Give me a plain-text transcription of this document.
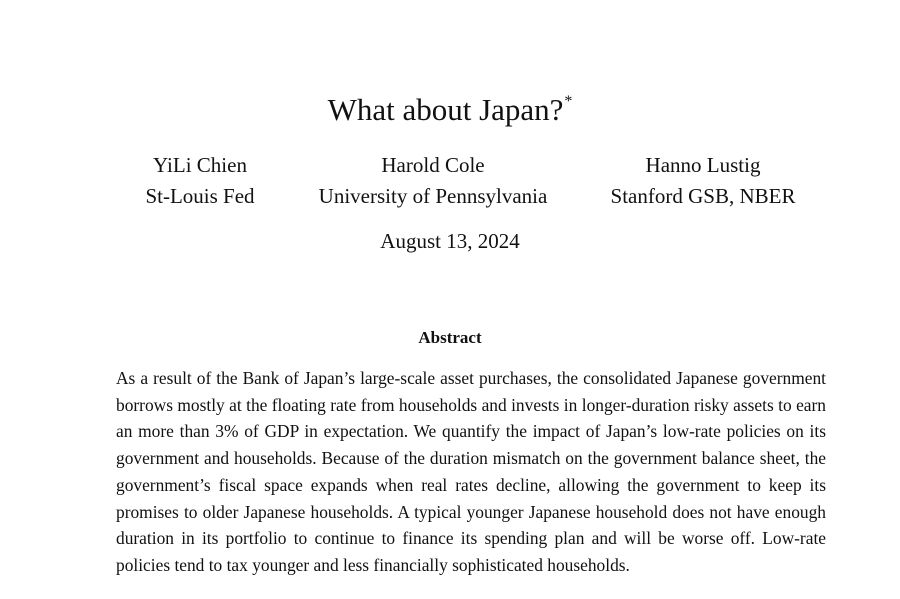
What about Japan?*
YiLi Chien
St-Louis Fed
Harold Cole
University of Pennsylvania
Hanno Lustig
Stanford GSB, NBER
August 13, 2024
Abstract
As a result of the Bank of Japan’s large-scale asset purchases, the consolidated Japanese government borrows mostly at the floating rate from households and invests in longer-duration risky assets to earn an more than 3% of GDP in expectation. We quantify the impact of Japan’s low-rate policies on its government and households. Because of the duration mismatch on the government balance sheet, the government’s fiscal space expands when real rates decline, allowing the government to keep its promises to older Japanese households. A typical younger Japanese household does not have enough duration in its portfolio to continue to finance its spending plan and will be worse off. Low-rate policies tend to tax younger and less financially sophisticated households.
